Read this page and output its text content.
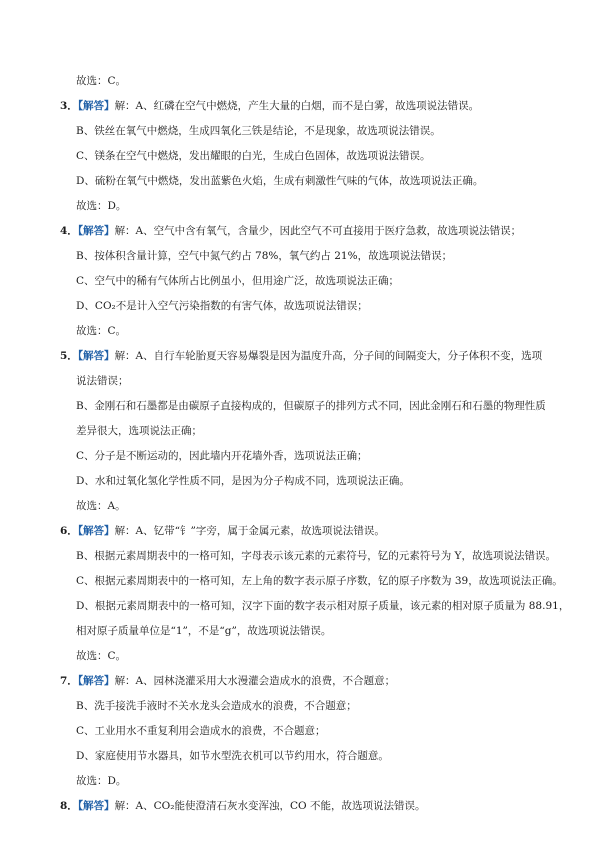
故选：C。

3．【解答】解：A、红磷在空气中燃烧，产生大量的白烟，而不是白雾，故选项说法错误。

B、铁丝在氧气中燃烧，生成四氧化三铁是结论，不是现象，故选项说法错误。

C、镁条在空气中燃烧，发出耀眼的白光，生成白色固体，故选项说法错误。

D、硫粉在氧气中燃烧，发出蓝紫色火焰，生成有刺激性气味的气体，故选项说法正确。

故选：D。

4．【解答】解：A、空气中含有氧气，含量少，因此空气不可直接用于医疗急救，故选项说法错误；

B、按体积含量计算，空气中氮气约占 78%，氧气约占 21%，故选项说法错误；

C、空气中的稀有气体所占比例虽小，但用途广泛，故选项说法正确；

D、CO₂不是计入空气污染指数的有害气体，故选项说法错误；

故选：C。

5．【解答】解：A、自行车轮胎夏天容易爆裂是因为温度升高，分子间的间隔变大，分子体积不变，选项

说法错误；

B、金刚石和石墨都是由碳原子直接构成的，但碳原子的排列方式不同，因此金刚石和石墨的物理性质

差异很大，选项说法正确；

C、分子是不断运动的，因此墙内开花墙外香，选项说法正确；

D、水和过氧化氢化学性质不同，是因为分子构成不同，选项说法正确。

故选：A。

6．【解答】解：A、钇带“钅”字旁，属于金属元素，故选项说法错误。

B、根据元素周期表中的一格可知，字母表示该元素的元素符号，钇的元素符号为 Y，故选项说法错误。

C、根据元素周期表中的一格可知，左上角的数字表示原子序数，钇的原子序数为 39，故选项说法正确。

D、根据元素周期表中的一格可知，汉字下面的数字表示相对原子质量，该元素的相对原子质量为 88.91，

相对原子质量单位是“1”，不是“g”，故选项说法错误。

故选：C。

7．【解答】解：A、园林浇灌采用大水漫灌会造成水的浪费，不合题意；

B、洗手接洗手液时不关水龙头会造成水的浪费，不合题意；

C、工业用水不重复利用会造成水的浪费，不合题意；

D、家庭使用节水器具，如节水型洗衣机可以节约用水，符合题意。

故选：D。

8．【解答】解：A、CO₂能使澄清石灰水变浑浊，CO 不能，故选项说法错误。
